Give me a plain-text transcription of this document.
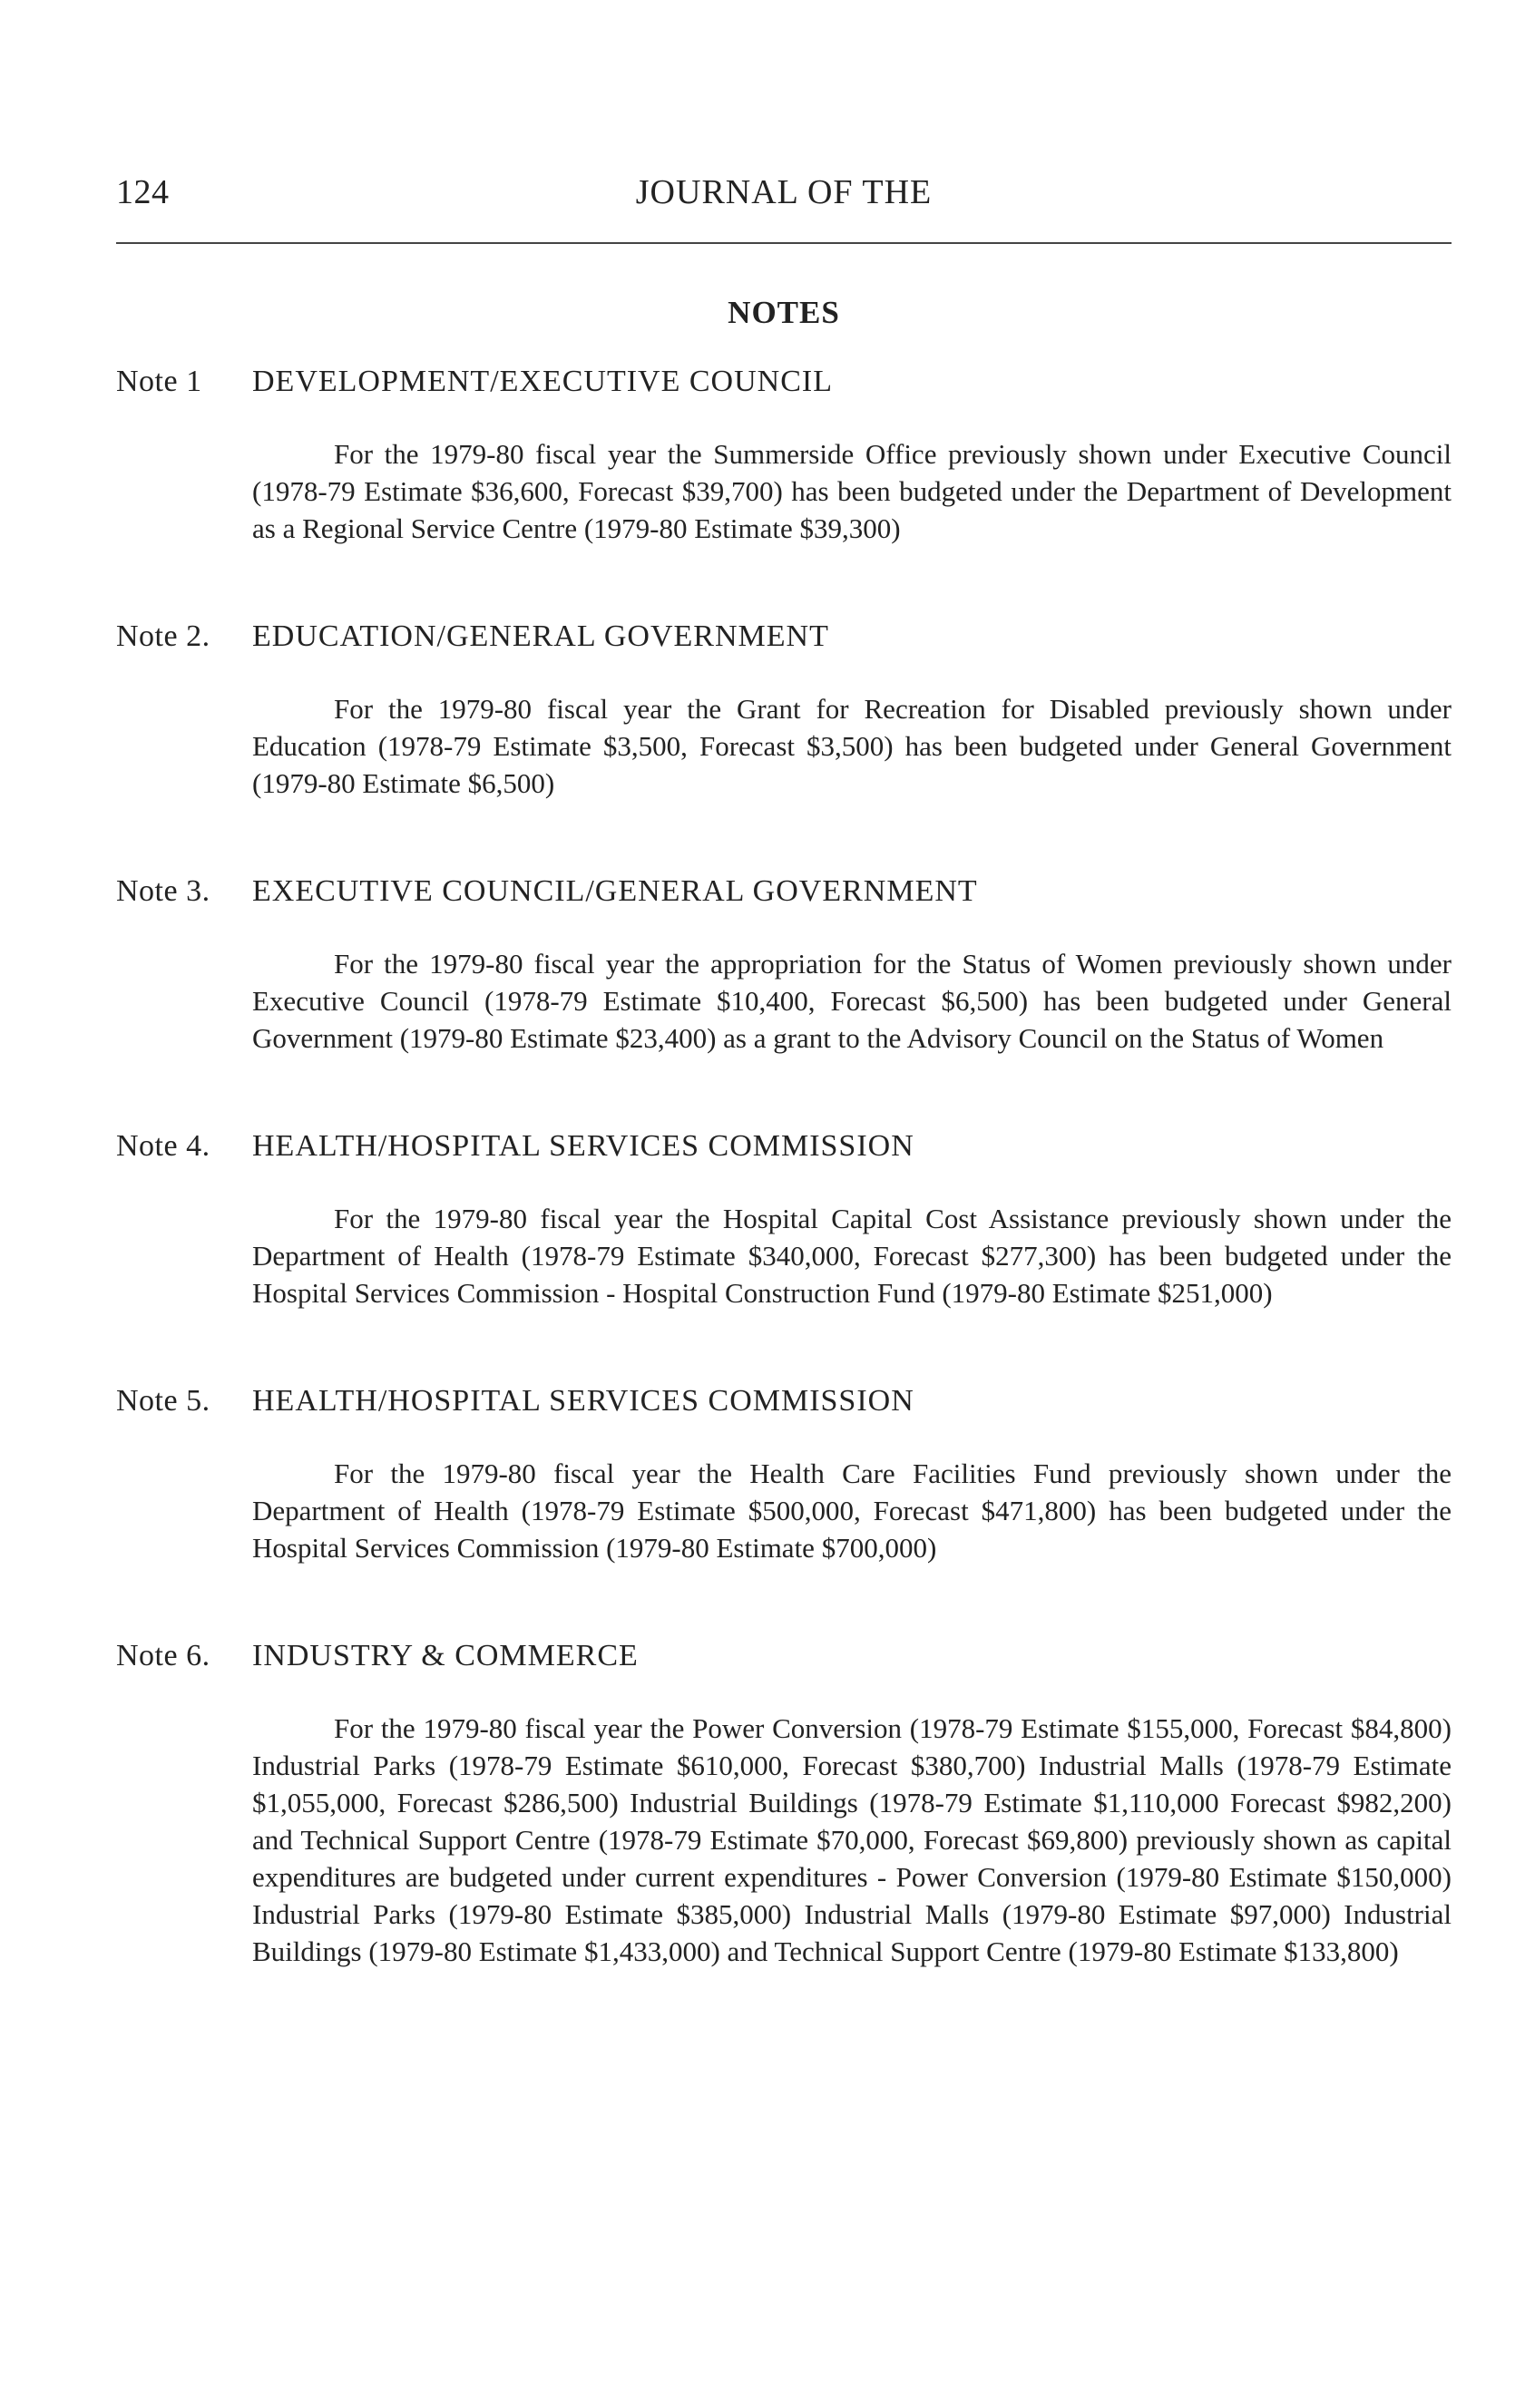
JOURNAL OF THE
124
NOTES
Note 1 DEVELOPMENT/EXECUTIVE COUNCIL

For the 1979-80 fiscal year the Summerside Office previously shown under Executive Council (1978-79 Estimate $36,600, Forecast $39,700) has been budgeted under the Department of Development as a Regional Service Centre (1979-80 Estimate $39,300)

Note 2. EDUCATION/GENERAL GOVERNMENT

For the 1979-80 fiscal year the Grant for Recreation for Disabled previously shown under Education (1978-79 Estimate $3,500, Forecast $3,500) has been budgeted under General Government (1979-80 Estimate $6,500)

Note 3. EXECUTIVE COUNCIL/GENERAL GOVERNMENT

For the 1979-80 fiscal year the appropriation for the Status of Women previously shown under Executive Council (1978-79 Estimate $10,400, Forecast $6,500) has been budgeted under General Government (1979-80 Estimate $23,400) as a grant to the Advisory Council on the Status of Women

Note 4. HEALTH/HOSPITAL SERVICES COMMISSION

For the 1979-80 fiscal year the Hospital Capital Cost Assistance previously shown under the Department of Health (1978-79 Estimate $340,000, Forecast $277,300) has been budgeted under the Hospital Services Commission - Hospital Construction Fund (1979-80 Estimate $251,000)

Note 5. HEALTH/HOSPITAL SERVICES COMMISSION

For the 1979-80 fiscal year the Health Care Facilities Fund previously shown under the Department of Health (1978-79 Estimate $500,000, Forecast $471,800) has been budgeted under the Hospital Services Commission (1979-80 Estimate $700,000)

Note 6. INDUSTRY & COMMERCE

For the 1979-80 fiscal year the Power Conversion (1978-79 Estimate $155,000, Forecast $84,800) Industrial Parks (1978-79 Estimate $610,000, Forecast $380,700) Industrial Malls (1978-79 Estimate $1,055,000, Forecast $286,500) Industrial Buildings (1978-79 Estimate $1,110,000 Forecast $982,200) and Technical Support Centre (1978-79 Estimate $70,000, Forecast $69,800) previously shown as capital expenditures are budgeted under current expenditures - Power Conversion (1979-80 Estimate $150,000) Industrial Parks (1979-80 Estimate $385,000) Industrial Malls (1979-80 Estimate $97,000) Industrial Buildings (1979-80 Estimate $1,433,000) and Technical Support Centre (1979-80 Estimate $133,800)
